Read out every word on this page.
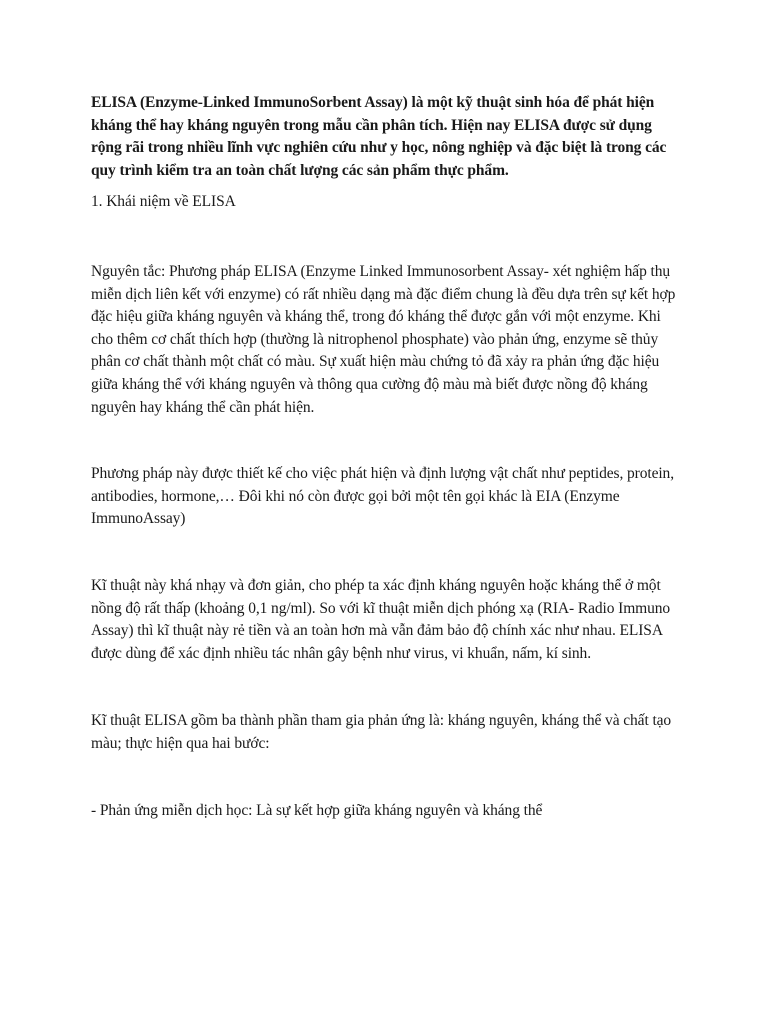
ELISA (Enzyme-Linked ImmunoSorbent Assay) là một kỹ thuật sinh hóa để phát hiện kháng thể hay kháng nguyên trong mẫu cần phân tích. Hiện nay ELISA được sử dụng rộng rãi trong nhiều lĩnh vực nghiên cứu như y học, nông nghiệp và đặc biệt là trong các quy trình kiểm tra an toàn chất lượng các sản phẩm thực phẩm.

1. Khái niệm về ELISA

Nguyên tắc: Phương pháp ELISA (Enzyme Linked Immunosorbent Assay- xét nghiệm hấp thụ miễn dịch liên kết với enzyme) có rất nhiều dạng mà đặc điểm chung là đều dựa trên sự kết hợp đặc hiệu giữa kháng nguyên và kháng thể, trong đó kháng thể được gắn với một enzyme. Khi cho thêm cơ chất thích hợp (thường là nitrophenol phosphate) vào phản ứng, enzyme sẽ thủy phân cơ chất thành một chất có màu. Sự xuất hiện màu chứng tỏ đã xảy ra phản ứng đặc hiệu giữa kháng thể với kháng nguyên và thông qua cường độ màu mà biết được nồng độ kháng nguyên hay kháng thể cần phát hiện.

Phương pháp này được thiết kế cho việc phát hiện và định lượng vật chất như peptides, protein, antibodies, hormone,… Đôi khi nó còn được gọi bởi một tên gọi khác là EIA (Enzyme ImmunoAssay)

Kĩ thuật này khá nhạy và đơn giản, cho phép ta xác định kháng nguyên hoặc kháng thể ở một nồng độ rất thấp (khoảng 0,1 ng/ml). So với kĩ thuật miễn dịch phóng xạ (RIA- Radio Immuno Assay) thì kĩ thuật này rẻ tiền và an toàn hơn mà vẫn đảm bảo độ chính xác như nhau. ELISA được dùng để xác định nhiều tác nhân gây bệnh như virus, vi khuẩn, nấm, kí sinh.

Kĩ thuật ELISA gồm ba thành phần tham gia phản ứng là: kháng nguyên, kháng thể và chất tạo màu; thực hiện qua hai bước:

- Phản ứng miễn dịch học: Là sự kết hợp giữa kháng nguyên và kháng thể
